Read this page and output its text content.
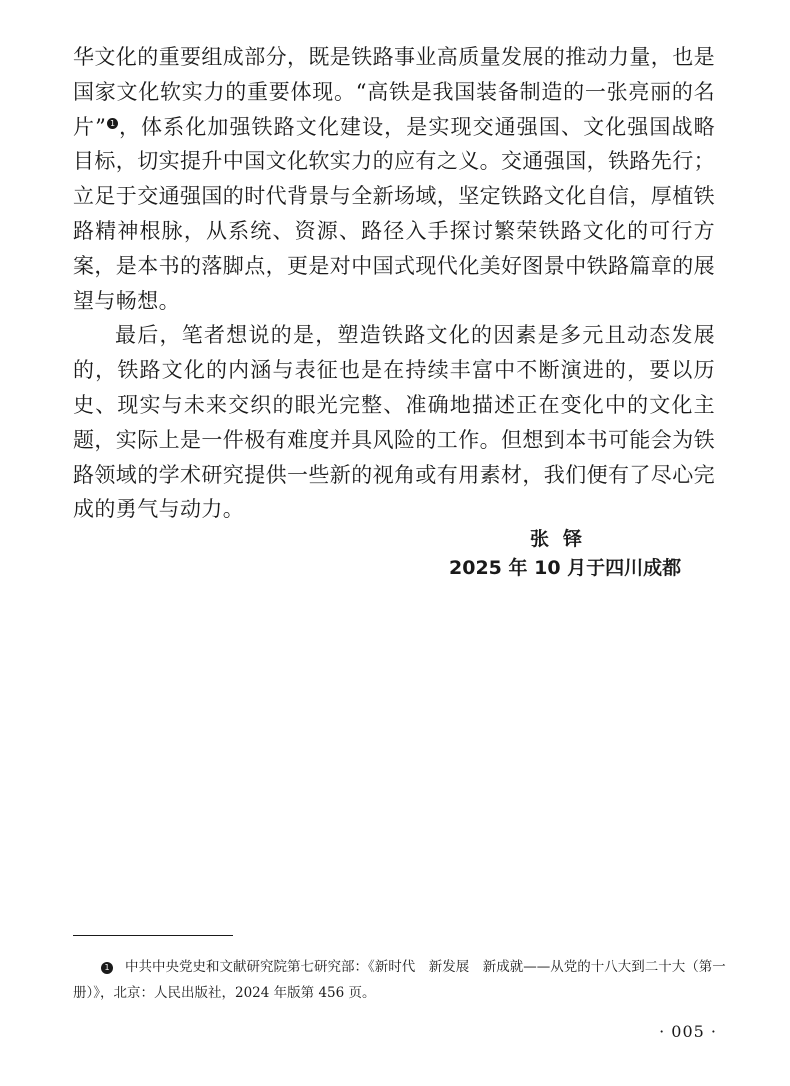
华文化的重要组成部分，既是铁路事业高质量发展的推动力量，也是国家文化软实力的重要体现。“高铁是我国装备制造的一张亮丽的名片” 1 ，体系化加强铁路文化建设，是实现交通强国、文化强国战略目标，切实提升中国文化软实力的应有之义。交通强国，铁路先行；立足于交通强国的时代背景与全新场域，坚定铁路文化自信，厚植铁路精神根脉，从系统、资源、路径入手探讨繁荣铁路文化的可行方案，是本书的落脚点，更是对中国式现代化美好图景中铁路篇章的展望与畅想。

最后，笔者想说的是，塑造铁路文化的因素是多元且动态发展的，铁路文化的内涵与表征也是在持续丰富中不断演进的，要以历史、现实与未来交织的眼光完整、准确地描述正在变化中的文化主题，实际上是一件极有难度并具风险的工作。但想到本书可能会为铁路领域的学术研究提供一些新的视角或有用素材，我们便有了尽心完成的勇气与动力。

张铎
2025 年 10 月于四川成都

1 中共中央党史和文献研究院第七研究部：《新时代　新发展　新成就——从党的十八大到二十大（第一册）》，北京：人民出版社，2024 年版第 456 页。

· 005 ·
